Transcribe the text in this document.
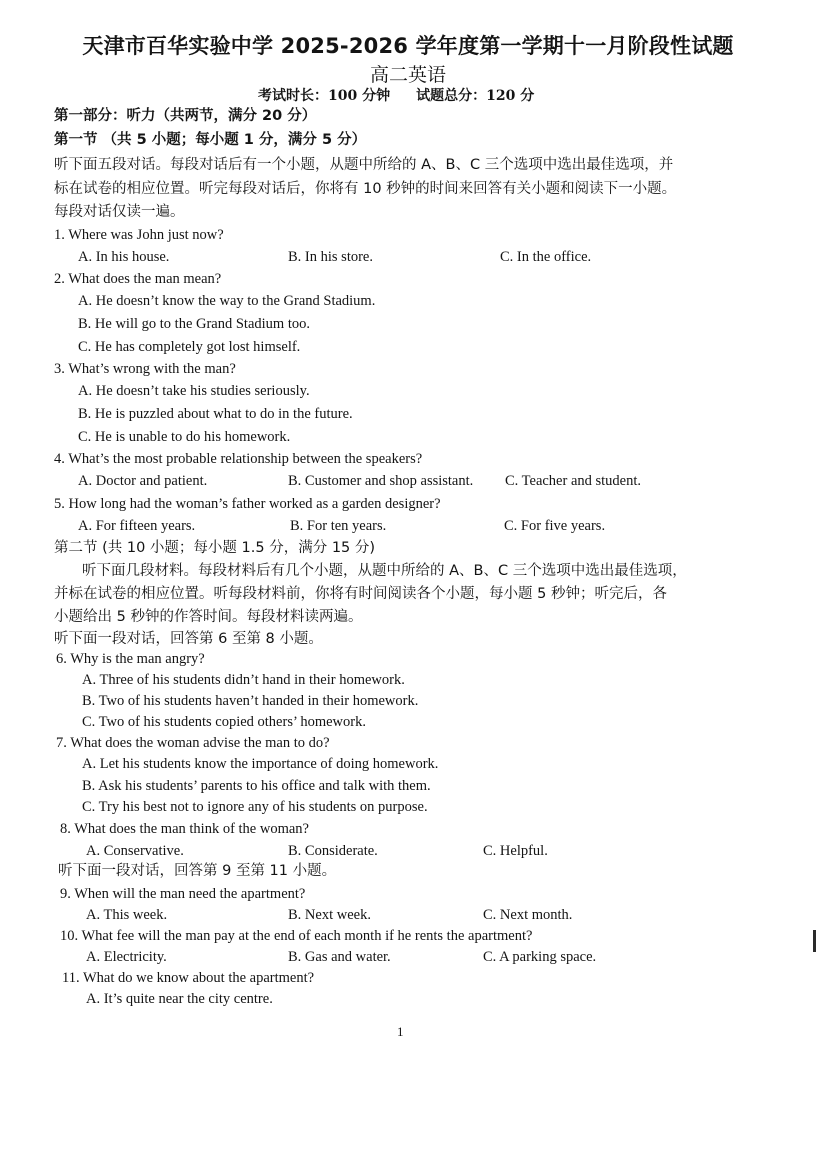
天津市百华实验中学 2025-2026 学年度第一学期十一月阶段性试题
高二英语
考试时长：100 分钟 试题总分：120 分
第一部分：听力（共两节，满分 20 分）
第一节 （共 5 小题；每小题 1 分，满分 5 分）
听下面五段对话。每段对话后有一个小题，从题中所给的 A、B、C 三个选项中选出最佳选项，并
标在试卷的相应位置。听完每段对话后，你将有 10 秒钟的时间来回答有关小题和阅读下一小题。
每段对话仅读一遍。
1. Where was John just now?
A. In his house.	B. In his store.	C. In the office.
2. What does the man mean?
A. He doesn’t know the way to the Grand Stadium.
B. He will go to the Grand Stadium too.
C. He has completely got lost himself.
3. What’s wrong with the man?
A. He doesn’t take his studies seriously.
B. He is puzzled about what to do in the future.
C. He is unable to do his homework.
4. What’s the most probable relationship between the speakers?
A. Doctor and patient.	B. Customer and shop assistant. C. Teacher and student.
5. How long had the woman’s father worked as a garden designer?
A. For fifteen years.	B. For ten years.	C. For five years.
第二节 (共 10 小题；每小题 1.5 分，满分 15 分)
听下面几段材料。每段材料后有几个小题，从题中所给的 A、B、C 三个选项中选出最佳选项，
并标在试卷的相应位置。听每段材料前，你将有时间阅读各个小题，每小题 5 秒钟；听完后，各
小题给出 5 秒钟的作答时间。每段材料读两遍。
听下面一段对话，回答第 6 至第 8 小题。
6. Why is the man angry?
A. Three of his students didn’t hand in their homework.
B. Two of his students haven’t handed in their homework.
C. Two of his students copied others’ homework.
7. What does the woman advise the man to do?
A. Let his students know the importance of doing homework.
B. Ask his students’ parents to his office and talk with them.
C. Try his best not to ignore any of his students on purpose.
8. What does the man think of the woman?
A. Conservative.	B. Considerate.	C. Helpful.
听下面一段对话，回答第 9 至第 11 小题。
9. When will the man need the apartment?
A. This week.	B. Next week.	C. Next month.
10. What fee will the man pay at the end of each month if he rents the apartment?
A. Electricity.	B. Gas and water.	C. A parking space.
11. What do we know about the apartment?
A. It’s quite near the city centre.
1
